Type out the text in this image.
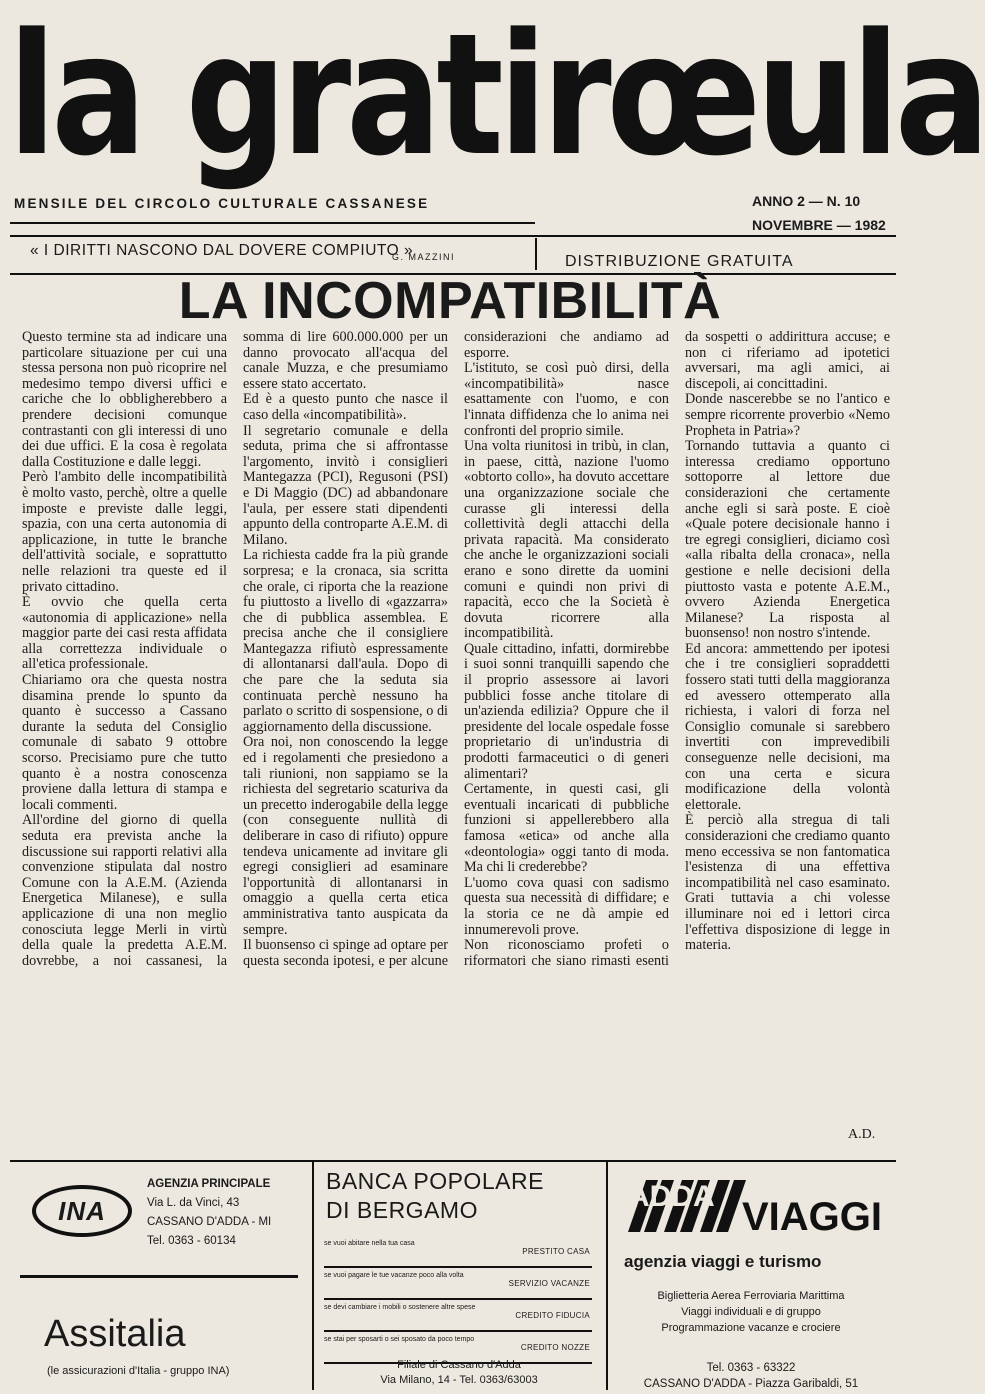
la gratirœula
MENSILE DEL CIRCOLO CULTURALE CASSANESE	ANNO 2 — N. 10
NOVEMBRE — 1982
« I DIRITTI NASCONO DAL DOVERE COMPIUTO »
G. MAZZINI	DISTRIBUZIONE GRATUITA
LA INCOMPATIBILITÀ

Questo termine sta ad indicare una particolare situazione per cui una stessa persona non può ricoprire nel medesimo tempo diversi uffici e cariche che lo obbligherebbero a prendere decisioni comunque contrastanti con gli interessi di uno dei due uffici. E la cosa è regolata dalla Costituzione e dalle leggi.

Però l'ambito delle incompatibilità è molto vasto, perchè, oltre a quelle imposte e previste dalle leggi, spazia, con una certa autonomia di applicazione, in tutte le branche dell'attività sociale, e soprattutto nelle relazioni tra queste ed il privato cittadino.

È ovvio che quella certa «autonomia di applicazione» nella maggior parte dei casi resta affidata alla correttezza individuale o all'etica professionale.

Chiariamo ora che questa nostra disamina prende lo spunto da quanto è successo a Cassano durante la seduta del Consiglio comunale di sabato 9 ottobre scorso. Precisiamo pure che tutto quanto è a nostra conoscenza proviene dalla lettura di stampa e locali commenti.

All'ordine del giorno di quella seduta era prevista anche la discussione sui rapporti relativi alla convenzione stipulata dal nostro Comune con la A.E.M. (Azienda Energetica Milanese), e sulla applicazione di una non meglio conosciuta legge Merli in virtù della quale la predetta A.E.M. dovrebbe, a noi cassanesi, la somma di lire 600.000.000 per un danno provocato all'acqua del canale Muzza, e che presumiamo essere stato accertato.

Ed è a questo punto che nasce il caso della «incompatibilità».

Il segretario comunale e della seduta, prima che si affrontasse l'argomento, invitò i consiglieri Mantegazza (PCI), Regusoni (PSI) e Di Maggio (DC) ad abbandonare l'aula, per essere stati dipendenti appunto della controparte A.E.M. di Milano.

La richiesta cadde fra la più grande sorpresa; e la cronaca, sia scritta che orale, ci riporta che la reazione fu piuttosto a livello di «gazzarra» che di pubblica assemblea. E precisa anche che il consigliere Mantegazza rifiutò espressamente di allontanarsi dall'aula. Dopo di che pare che la seduta sia continuata perchè nessuno ha parlato o scritto di sospensione, o di aggiornamento della discussione.

Ora noi, non conoscendo la legge ed i regolamenti che presiedono a tali riunioni, non sappiamo se la richiesta del segretario scaturiva da un precetto inderogabile della legge (con conseguente nullità di deliberare in caso di rifiuto) oppure tendeva unicamente ad invitare gli egregi consiglieri ad esaminare l'opportunità di allontanarsi in omaggio a quella certa etica amministrativa tanto auspicata da sempre.

Il buonsenso ci spinge ad optare per questa seconda ipotesi, e per alcune considerazioni che andiamo ad esporre.

L'istituto, se così può dirsi, della «incompatibilità» nasce esattamente con l'uomo, e con l'innata diffidenza che lo anima nei confronti del proprio simile.

Una volta riunitosi in tribù, in clan, in paese, città, nazione l'uomo «obtorto collo», ha dovuto accettare una organizzazione sociale che curasse gli interessi della collettività degli attacchi della privata rapacità. Ma considerato che anche le organizzazioni sociali erano e sono dirette da uomini comuni e quindi non privi di rapacità, ecco che la Società è dovuta ricorrere alla incompatibilità.

Quale cittadino, infatti, dormirebbe i suoi sonni tranquilli sapendo che il proprio assessore ai lavori pubblici fosse anche titolare di un'azienda edilizia? Oppure che il presidente del locale ospedale fosse proprietario di un'industria di prodotti farmaceutici o di generi alimentari?

Certamente, in questi casi, gli eventuali incaricati di pubbliche funzioni si appellerebbero alla famosa «etica» od anche alla «deontologia» oggi tanto di moda. Ma chi li crederebbe?

L'uomo cova quasi con sadismo questa sua necessità di diffidare; e la storia ce ne dà ampie ed innumerevoli prove.

Non riconosciamo profeti o riformatori che siano rimasti esenti da sospetti o addirittura accuse; e non ci riferiamo ad ipotetici avversari, ma agli amici, ai discepoli, ai concittadini.

Donde nascerebbe se no l'antico e sempre ricorrente proverbio «Nemo Propheta in Patria»?

Tornando tuttavia a quanto ci interessa crediamo opportuno sottoporre al lettore due considerazioni che certamente anche egli si sarà poste. E cioè «Quale potere decisionale hanno i tre egregi consiglieri, diciamo così «alla ribalta della cronaca», nella gestione e nelle decisioni della piuttosto vasta e potente A.E.M., ovvero Azienda Energetica Milanese? La risposta al buonsenso! non nostro s'intende.

Ed ancora: ammettendo per ipotesi che i tre consiglieri sopraddetti fossero stati tutti della maggioranza ed avessero ottemperato alla richiesta, i valori di forza nel Consiglio comunale si sarebbero invertiti con imprevedibili conseguenze nelle decisioni, ma con una certa e sicura modificazione della volontà elettorale.

È perciò alla stregua di tali considerazioni che crediamo quanto meno eccessiva se non fantomatica l'esistenza di una effettiva incompatibilità nel caso esaminato. Grati tuttavia a chi volesse illuminare noi ed i lettori circa l'effettiva disposizione di legge in materia.

A.D.
INA
AGENZIA PRINCIPALE
Via L. da Vinci, 43
CASSANO D'ADDA - MI
Tel. 0363 - 60134
Assitalia
(le assicurazioni d'Italia - gruppo INA)
BANCA POPOLARE
DI BERGAMO
se vuoi abitare nella tua casa
PRESTITO CASA
se vuoi pagare le tue vacanze poco alla volta
SERVIZIO VACANZE
se devi cambiare i mobili o sostenere altre spese
CREDITO FIDUCIA
se stai per sposarti o sei sposato da poco tempo
CREDITO NOZZE
Filiale di Cassano d'Adda
Via Milano, 14 - Tel. 0363/63003
ADDA VIAGGI
agenzia viaggi e turismo
Biglietteria Aerea Ferroviaria Marittima
Viaggi individuali e di gruppo
Programmazione vacanze e crociere
Tel. 0363 - 63322
CASSANO D'ADDA - Piazza Garibaldi, 51
